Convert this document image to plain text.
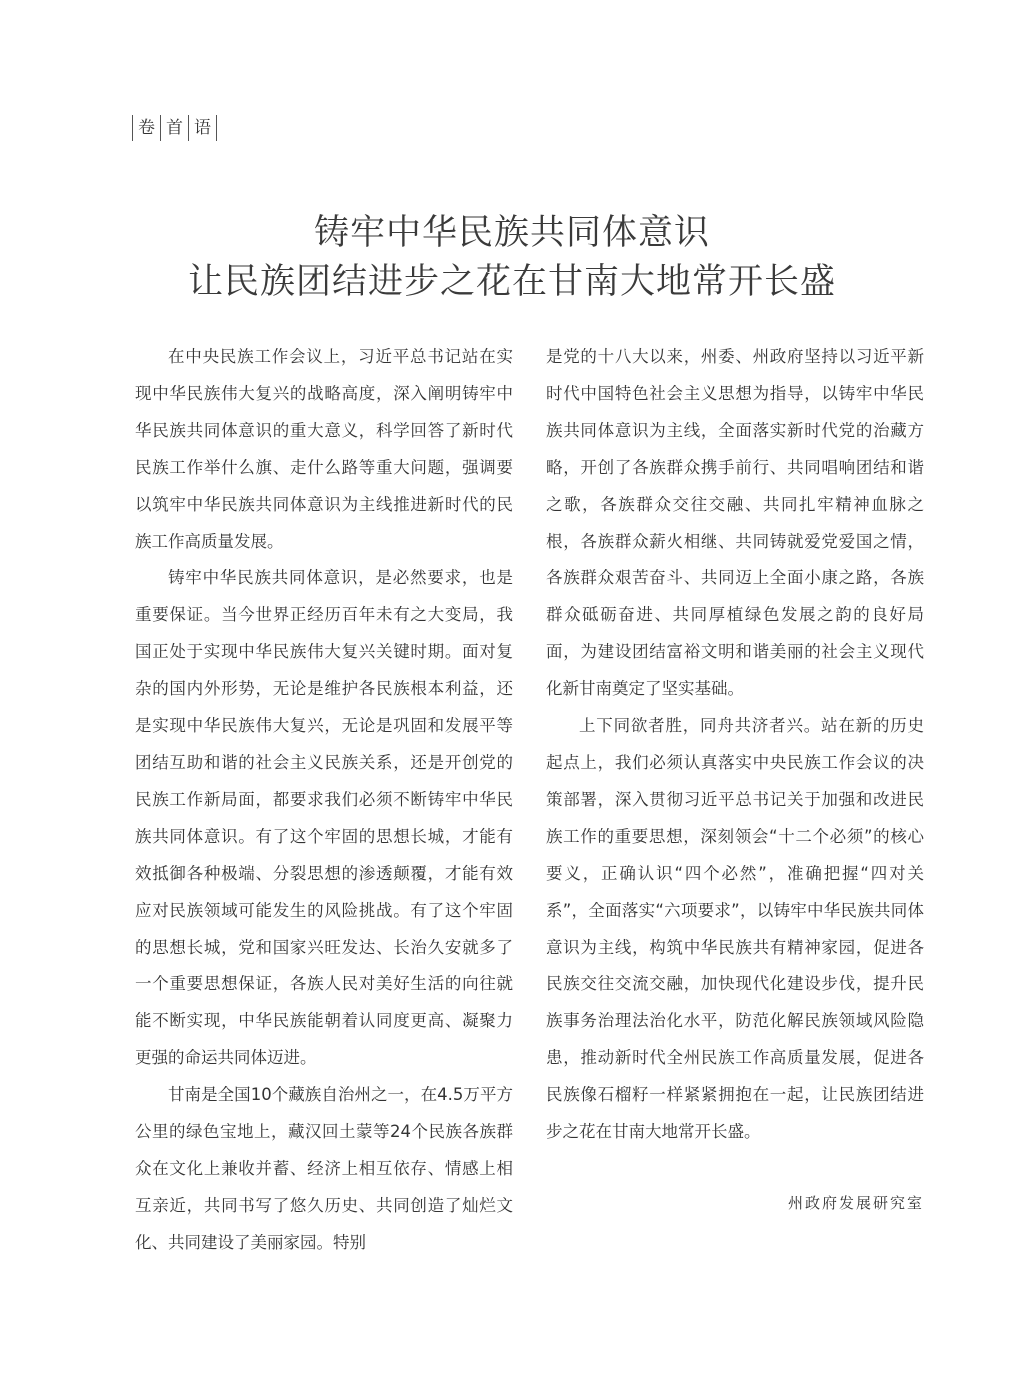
卷 首 语
铸牢中华民族共同体意识
让民族团结进步之花在甘南大地常开长盛

在中央民族工作会议上，习近平总书记站在实现中华民族伟大复兴的战略高度，深入阐明铸牢中华民族共同体意识的重大意义，科学回答了新时代民族工作举什么旗、走什么路等重大问题，强调要以筑牢中华民族共同体意识为主线推进新时代的民族工作高质量发展。

铸牢中华民族共同体意识，是必然要求，也是重要保证。当今世界正经历百年未有之大变局，我国正处于实现中华民族伟大复兴关键时期。面对复杂的国内外形势，无论是维护各民族根本利益，还是实现中华民族伟大复兴，无论是巩固和发展平等团结互助和谐的社会主义民族关系，还是开创党的民族工作新局面，都要求我们必须不断铸牢中华民族共同体意识。有了这个牢固的思想长城，才能有效抵御各种极端、分裂思想的渗透颠覆，才能有效应对民族领域可能发生的风险挑战。有了这个牢固的思想长城，党和国家兴旺发达、长治久安就多了一个重要思想保证，各族人民对美好生活的向往就能不断实现，中华民族能朝着认同度更高、凝聚力更强的命运共同体迈进。

甘南是全国10个藏族自治州之一，在4.5万平方公里的绿色宝地上，藏汉回土蒙等24个民族各族群众在文化上兼收并蓄、经济上相互依存、情感上相互亲近，共同书写了悠久历史、共同创造了灿烂文化、共同建设了美丽家园。特别

是党的十八大以来，州委、州政府坚持以习近平新时代中国特色社会主义思想为指导，以铸牢中华民族共同体意识为主线，全面落实新时代党的治藏方略，开创了各族群众携手前行、共同唱响团结和谐之歌，各族群众交往交融、共同扎牢精神血脉之根，各族群众薪火相继、共同铸就爱党爱国之情，各族群众艰苦奋斗、共同迈上全面小康之路，各族群众砥砺奋进、共同厚植绿色发展之韵的良好局面，为建设团结富裕文明和谐美丽的社会主义现代化新甘南奠定了坚实基础。

上下同欲者胜，同舟共济者兴。站在新的历史起点上，我们必须认真落实中央民族工作会议的决策部署，深入贯彻习近平总书记关于加强和改进民族工作的重要思想，深刻领会“十二个必须”的核心要义，正确认识“四个必然”，准确把握“四对关系”，全面落实“六项要求”，以铸牢中华民族共同体意识为主线，构筑中华民族共有精神家园，促进各民族交往交流交融，加快现代化建设步伐，提升民族事务治理法治化水平，防范化解民族领域风险隐患，推动新时代全州民族工作高质量发展，促进各民族像石榴籽一样紧紧拥抱在一起，让民族团结进步之花在甘南大地常开长盛。

州政府发展研究室
